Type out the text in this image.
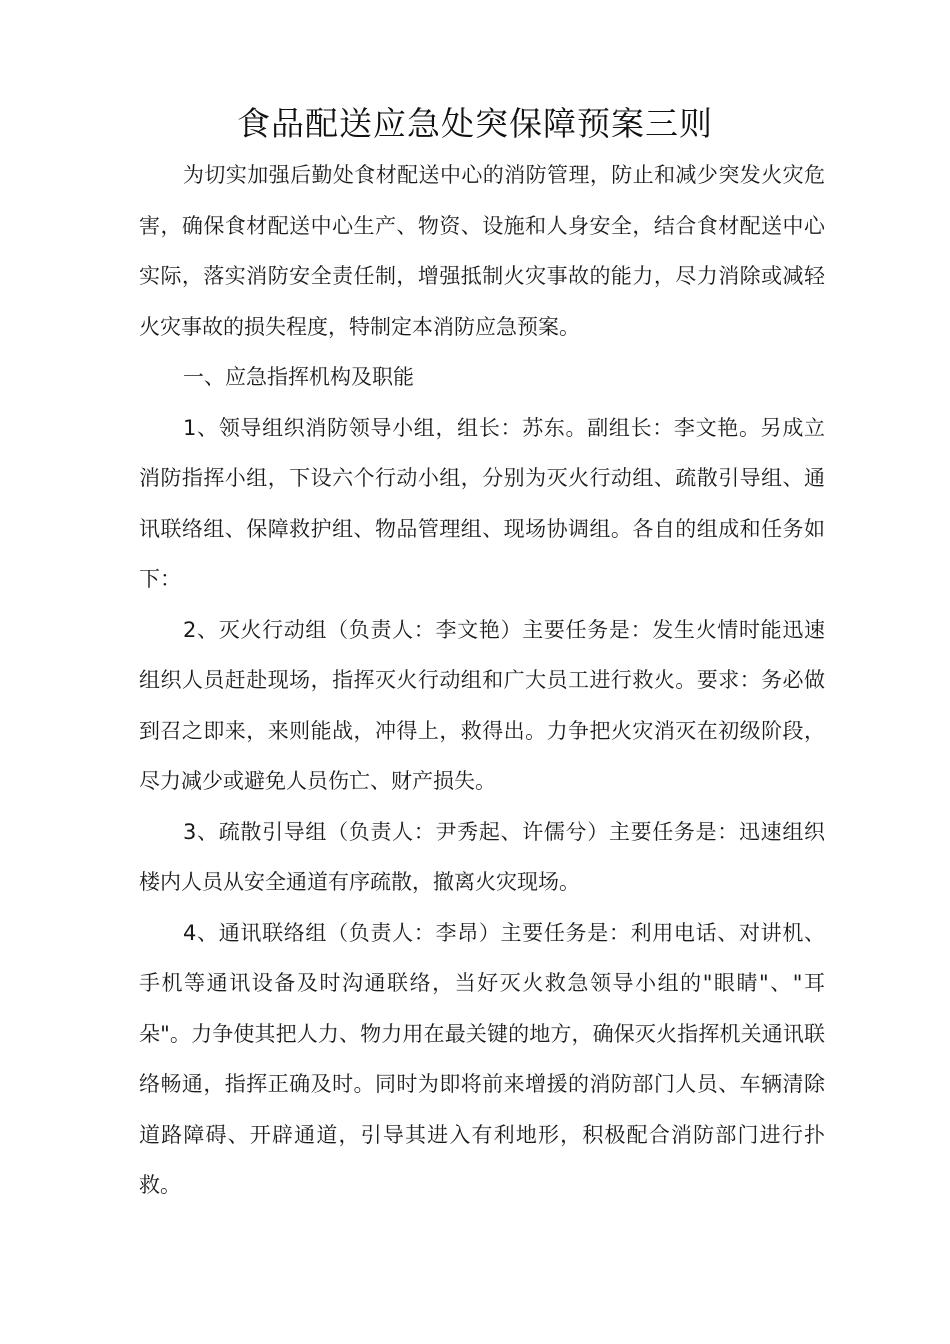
食品配送应急处突保障预案三则

为切实加强后勤处食材配送中心的消防管理，防止和减少突发火灾危害，确保食材配送中心生产、物资、设施和人身安全，结合食材配送中心实际，落实消防安全责任制，增强抵制火灾事故的能力，尽力消除或减轻火灾事故的损失程度，特制定本消防应急预案。

一、应急指挥机构及职能

1、领导组织消防领导小组，组长：苏东。副组长：李文艳。另成立消防指挥小组，下设六个行动小组，分别为灭火行动组、疏散引导组、通讯联络组、保障救护组、物品管理组、现场协调组。各自的组成和任务如下：

2、灭火行动组（负责人：李文艳）主要任务是：发生火情时能迅速组织人员赶赴现场，指挥灭火行动组和广大员工进行救火。要求：务必做到召之即来，来则能战，冲得上，救得出。力争把火灾消灭在初级阶段，尽力减少或避免人员伤亡、财产损失。

3、疏散引导组（负责人：尹秀起、许儒兮）主要任务是：迅速组织楼内人员从安全通道有序疏散，撤离火灾现场。

4、通讯联络组（负责人：李昂）主要任务是：利用电话、对讲机、手机等通讯设备及时沟通联络，当好灭火救急领导小组的"眼睛"、"耳朵"。力争使其把人力、物力用在最关键的地方，确保灭火指挥机关通讯联络畅通，指挥正确及时。同时为即将前来增援的消防部门人员、车辆清除道路障碍、开辟通道，引导其进入有利地形，积极配合消防部门进行扑救。
